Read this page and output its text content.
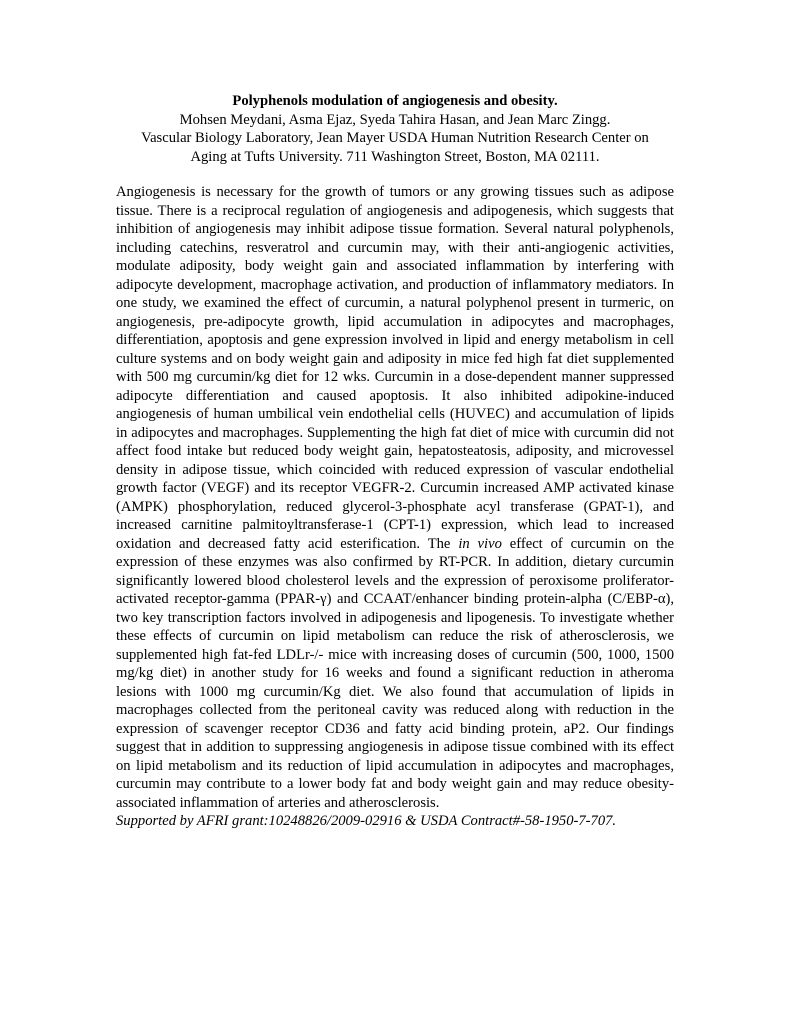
Polyphenols modulation of angiogenesis and obesity.
Mohsen Meydani, Asma Ejaz, Syeda Tahira Hasan, and Jean Marc Zingg.
Vascular Biology Laboratory, Jean Mayer USDA Human Nutrition Research Center on
Aging at Tufts University. 711 Washington Street, Boston, MA 02111.
Angiogenesis is necessary for the growth of tumors or any growing tissues such as adipose tissue. There is a reciprocal regulation of angiogenesis and adipogenesis, which suggests that inhibition of angiogenesis may inhibit adipose tissue formation. Several natural polyphenols, including catechins, resveratrol and curcumin may, with their anti-angiogenic activities, modulate adiposity, body weight gain and associated inflammation by interfering with adipocyte development, macrophage activation, and production of inflammatory mediators. In one study, we examined the effect of curcumin, a natural polyphenol present in turmeric, on angiogenesis, pre-adipocyte growth, lipid accumulation in adipocytes and macrophages, differentiation, apoptosis and gene expression involved in lipid and energy metabolism in cell culture systems and on body weight gain and adiposity in mice fed high fat diet supplemented with 500 mg curcumin/kg diet for 12 wks. Curcumin in a dose-dependent manner suppressed adipocyte differentiation and caused apoptosis. It also inhibited adipokine-induced angiogenesis of human umbilical vein endothelial cells (HUVEC) and accumulation of lipids in adipocytes and macrophages. Supplementing the high fat diet of mice with curcumin did not affect food intake but reduced body weight gain, hepatosteatosis, adiposity, and microvessel density in adipose tissue, which coincided with reduced expression of vascular endothelial growth factor (VEGF) and its receptor VEGFR-2. Curcumin increased AMP activated kinase (AMPK) phosphorylation, reduced glycerol-3-phosphate acyl transferase (GPAT-1), and increased carnitine palmitoyltransferase-1 (CPT-1) expression, which lead to increased oxidation and decreased fatty acid esterification. The in vivo effect of curcumin on the expression of these enzymes was also confirmed by RT-PCR. In addition, dietary curcumin significantly lowered blood cholesterol levels and the expression of peroxisome proliferator-activated receptor-gamma (PPAR-γ) and CCAAT/enhancer binding protein-alpha (C/EBP-α), two key transcription factors involved in adipogenesis and lipogenesis. To investigate whether these effects of curcumin on lipid metabolism can reduce the risk of atherosclerosis, we supplemented high fat-fed LDLr-/- mice with increasing doses of curcumin (500, 1000, 1500 mg/kg diet) in another study for 16 weeks and found a significant reduction in atheroma lesions with 1000 mg curcumin/Kg diet. We also found that accumulation of lipids in macrophages collected from the peritoneal cavity was reduced along with reduction in the expression of scavenger receptor CD36 and fatty acid binding protein, aP2. Our findings suggest that in addition to suppressing angiogenesis in adipose tissue combined with its effect on lipid metabolism and its reduction of lipid accumulation in adipocytes and macrophages, curcumin may contribute to a lower body fat and body weight gain and may reduce obesity-associated inflammation of arteries and atherosclerosis.
Supported by AFRI grant:10248826/2009-02916 & USDA Contract#-58-1950-7-707.
